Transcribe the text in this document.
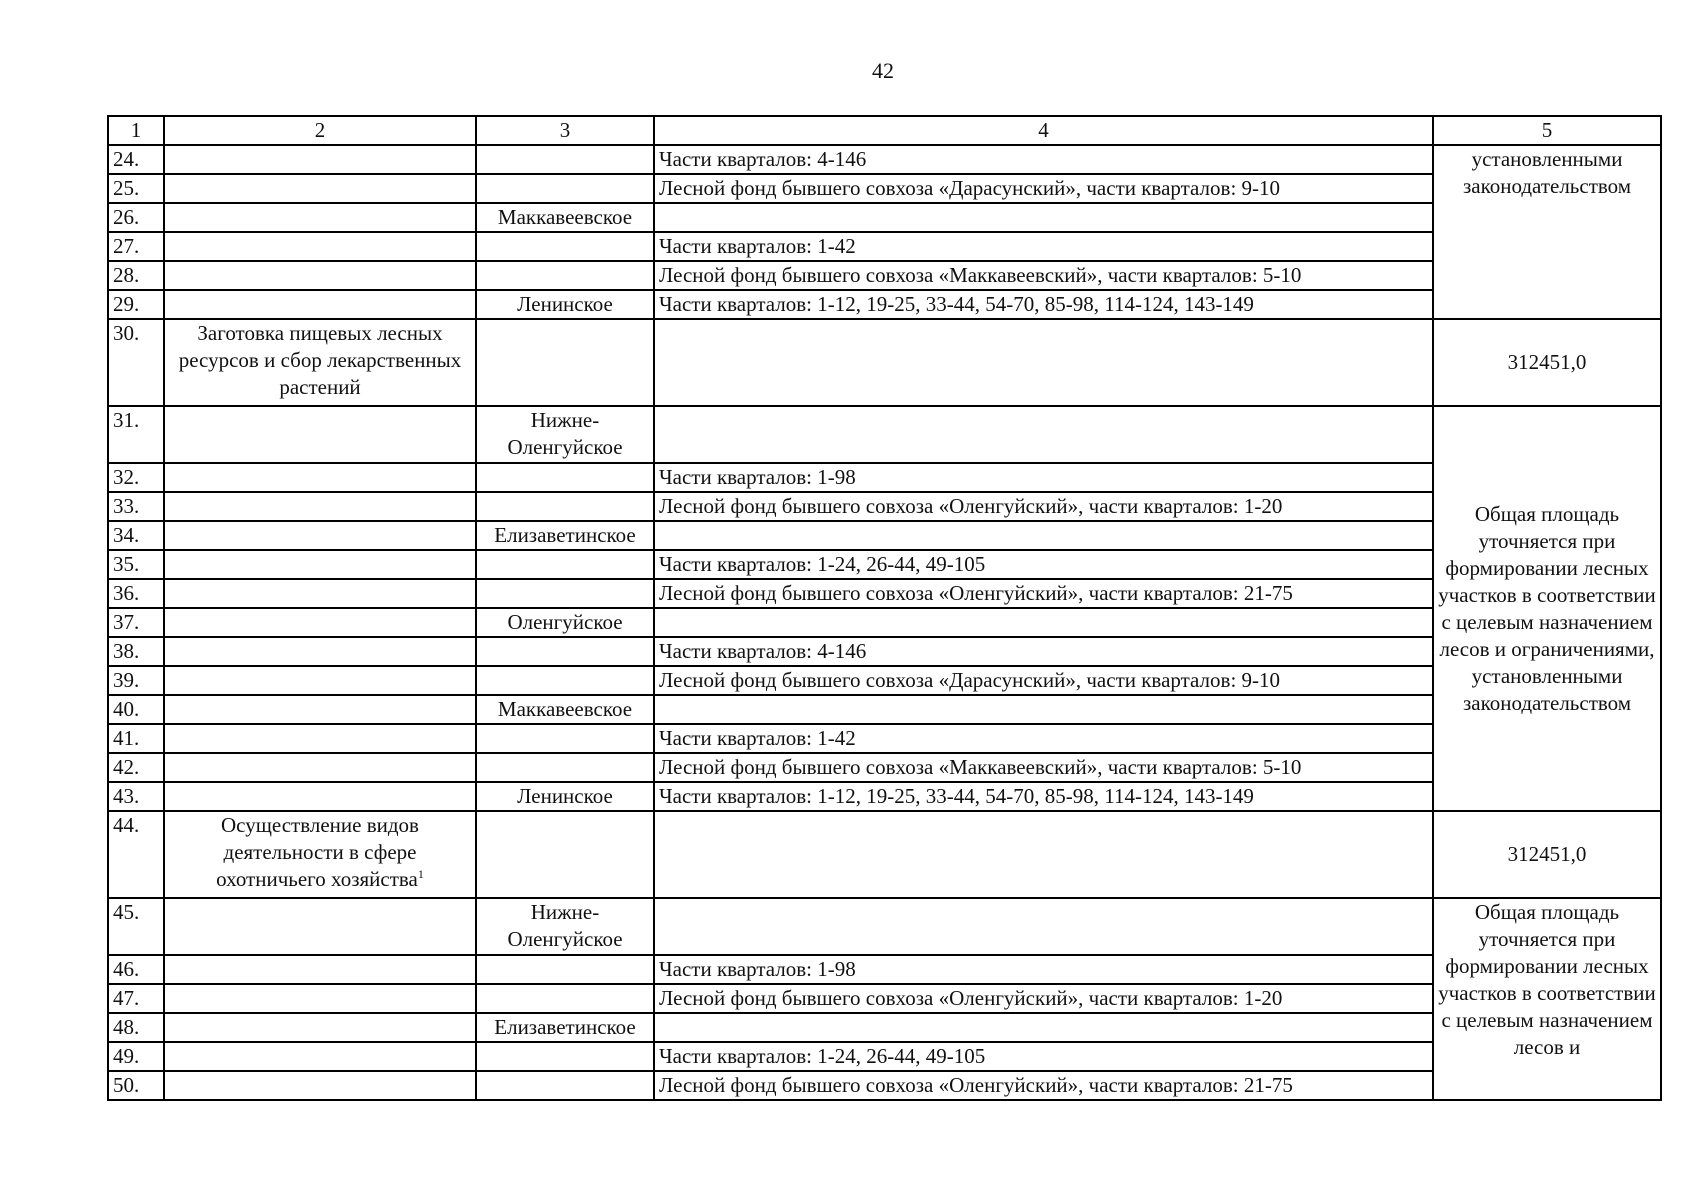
42
1	2	3	4	5
24.			Части кварталов: 4-146	установленными законодательством
25.			Лесной фонд бывшего совхоза «Дарасунский», части кварталов: 9-10	
26.		Маккавеевское		
27.			Части кварталов: 1-42	
28.			Лесной фонд бывшего совхоза «Маккавеевский», части кварталов: 5-10	
29.		Ленинское	Части кварталов: 1-12, 19-25, 33-44, 54-70, 85-98, 114-124, 143-149	
30.	Заготовка пищевых лесных ресурсов и сбор лекарственных растений			312451,0
31.		Нижне-Оленгуйское		Общая площадь уточняется при формировании лесных участков в соответствии с целевым назначением лесов и ограничениями, установленными законодательством
32.			Части кварталов: 1-98	
33.			Лесной фонд бывшего совхоза «Оленгуйский», части кварталов: 1-20	
34.		Елизаветинское		
35.			Части кварталов: 1-24, 26-44, 49-105	
36.			Лесной фонд бывшего совхоза «Оленгуйский», части кварталов: 21-75	
37.		Оленгуйское		
38.			Части кварталов: 4-146	
39.			Лесной фонд бывшего совхоза «Дарасунский», части кварталов: 9-10	
40.		Маккавеевское		
41.			Части кварталов: 1-42	
42.			Лесной фонд бывшего совхоза «Маккавеевский», части кварталов: 5-10	
43.		Ленинское	Части кварталов: 1-12, 19-25, 33-44, 54-70, 85-98, 114-124, 143-149	
44.	Осуществление видов деятельности в сфере охотничьего хозяйства$^1$			312451,0
45.		Нижне-Оленгуйское		Общая площадь уточняется при формировании лесных участков в соответствии с целевым назначением лесов и
46.			Части кварталов: 1-98	
47.			Лесной фонд бывшего совхоза «Оленгуйский», части кварталов: 1-20	
48.		Елизаветинское		
49.			Части кварталов: 1-24, 26-44, 49-105	
50.			Лесной фонд бывшего совхоза «Оленгуйский», части кварталов: 21-75	
